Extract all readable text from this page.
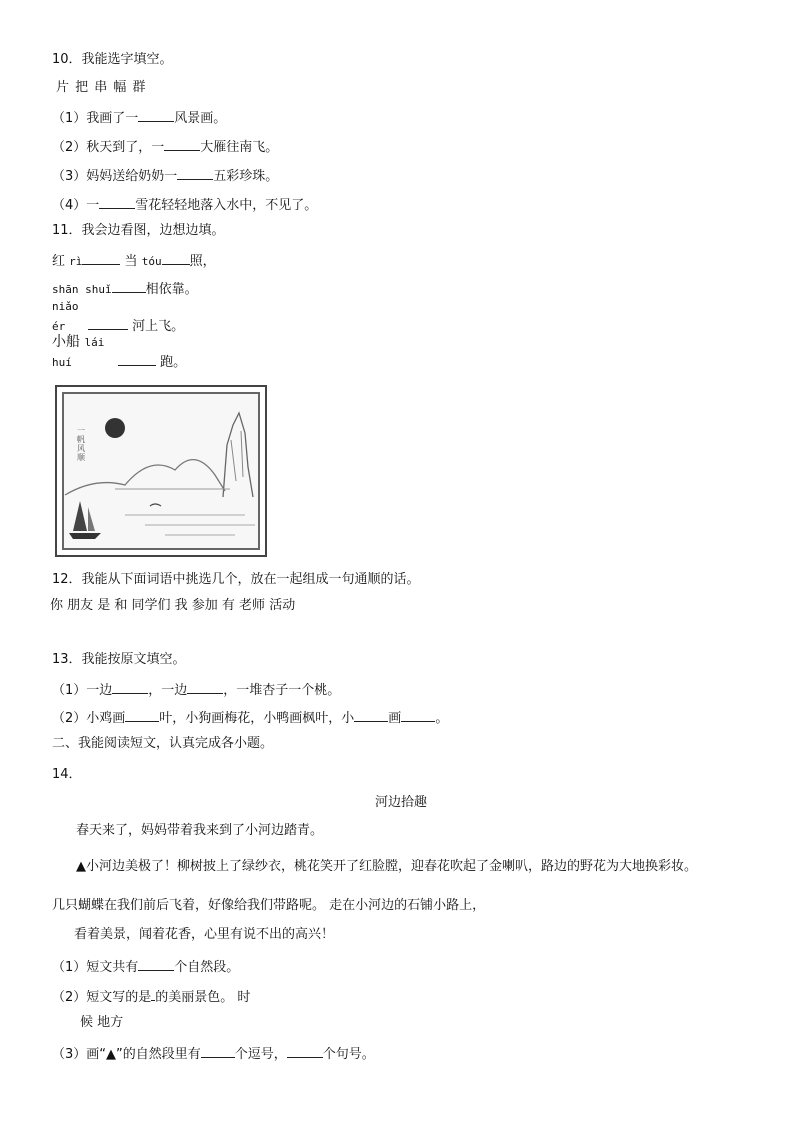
10．我能选字填空。
片 把 串 幅 群
（1）我画了一	风景画。
（2）秋天到了，一	大雁往南飞。
（3）妈妈送给奶奶一	五彩珍珠。
（4）一	雪花轻轻地落入水中，不见了。
11．我会边看图，边想边填。
红 rì	当 tóu 照，
shān shuǐ	相依靠。
niǎo
ér	河上飞。
小船 lái
huí	跑。
一帆风顺
12．我能从下面词语中挑选几个，放在一起组成一句通顺的话。
你 朋友 是 和 同学们 我 参加 有 老师 活动
13．我能按原文填空。
（1）一边	，一边	，一堆杏子一个桃。
（2）小鸡画	叶，小狗画梅花，小鸭画枫叶，小	画	。
二、我能阅读短文，认真完成各小题。
14．
河边拾趣
春天来了，妈妈带着我来到了小河边踏青。
▲小河边美极了！柳树披上了绿纱衣，桃花笑开了红脸膛，迎春花吹起了金喇叭，路边的野花为大地换彩妆。
几只蝴蝶在我们前后飞着，好像给我们带路呢。 走在小河边的石铺小路上，
看着美景，闻着花香，心里有说不出的高兴！
（1）短文共有	个自然段。
（2）短文写的是 的美丽景色。 时
候 地方
（3）画“▲”的自然段里有	个逗号，	个句号。
